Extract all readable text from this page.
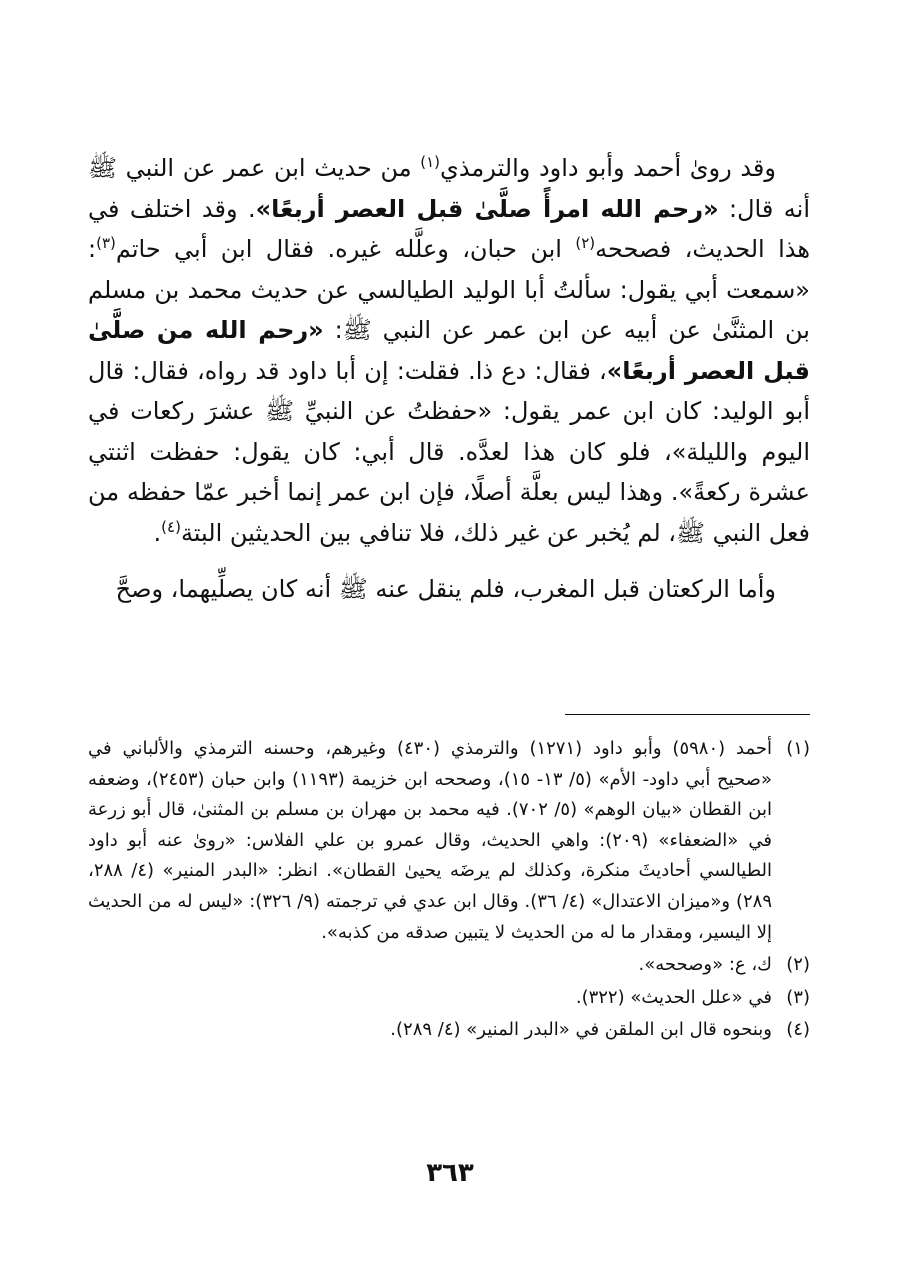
وقد روىٰ أحمد وأبو داود والترمذي$^{(١)}$ من حديث ابن عمر عن النبي ﷺ أنه قال: «رحم الله امرأً صلَّىٰ قبل العصر أربعًا». وقد اختلف في هذا الحديث، فصححه$^{(٢)}$ ابن حبان، وعلَّله غيره. فقال ابن أبي حاتم$^{(٣)}$: «سمعت أبي يقول: سألتُ أبا الوليد الطيالسي عن حديث محمد بن مسلم بن المثنَّىٰ عن أبيه عن ابن عمر عن النبي ﷺ: «رحم الله من صلَّىٰ قبل العصر أربعًا»، فقال: دع ذا. فقلت: إن أبا داود قد رواه، فقال: قال أبو الوليد: كان ابن عمر يقول: «حفظتُ عن النبيِّ ﷺ عشرَ ركعات في اليوم والليلة»، فلو كان هذا لعدَّه. قال أبي: كان يقول: حفظت اثنتي عشرة ركعةً». وهذا ليس بعلَّة أصلًا، فإن ابن عمر إنما أخبر عمّا حفظه من فعل النبي ﷺ، لم يُخبر عن غير ذلك، فلا تنافي بين الحديثين البتة$^{(٤)}$.

وأما الركعتان قبل المغرب، فلم ينقل عنه ﷺ أنه كان يصلِّيهما، وصحَّ

(١)
أحمد (٥٩٨٠) وأبو داود (١٢٧١) والترمذي (٤٣٠) وغيرهم، وحسنه الترمذي والألباني في «صحيح أبي داود- الأم» (٥/ ١٣- ١٥)، وصححه ابن خزيمة (١١٩٣) وابن حبان (٢٤٥٣)، وضعفه ابن القطان «بيان الوهم» (٥/ ٧٠٢). فيه محمد بن مهران بن مسلم بن المثنىٰ، قال أبو زرعة في «الضعفاء» (٢٠٩): واهي الحديث، وقال عمرو بن علي الفلاس: «روىٰ عنه أبو داود الطيالسي أحاديثَ منكرة، وكذلك لم يرضَه يحيىٰ القطان». انظر: «البدر المنير» (٤/ ٢٨٨، ٢٨٩) و«ميزان الاعتدال» (٤/ ٣٦). وقال ابن عدي في ترجمته (٩/ ٣٢٦): «ليس له من الحديث إلا اليسير، ومقدار ما له من الحديث لا يتبين صدقه من كذبه».
(٢)
ك، ع: «وصححه».
(٣)
في «علل الحديث» (٣٢٢).
(٤)
وبنحوه قال ابن الملقن في «البدر المنير» (٤/ ٢٨٩).
٣٦٣
